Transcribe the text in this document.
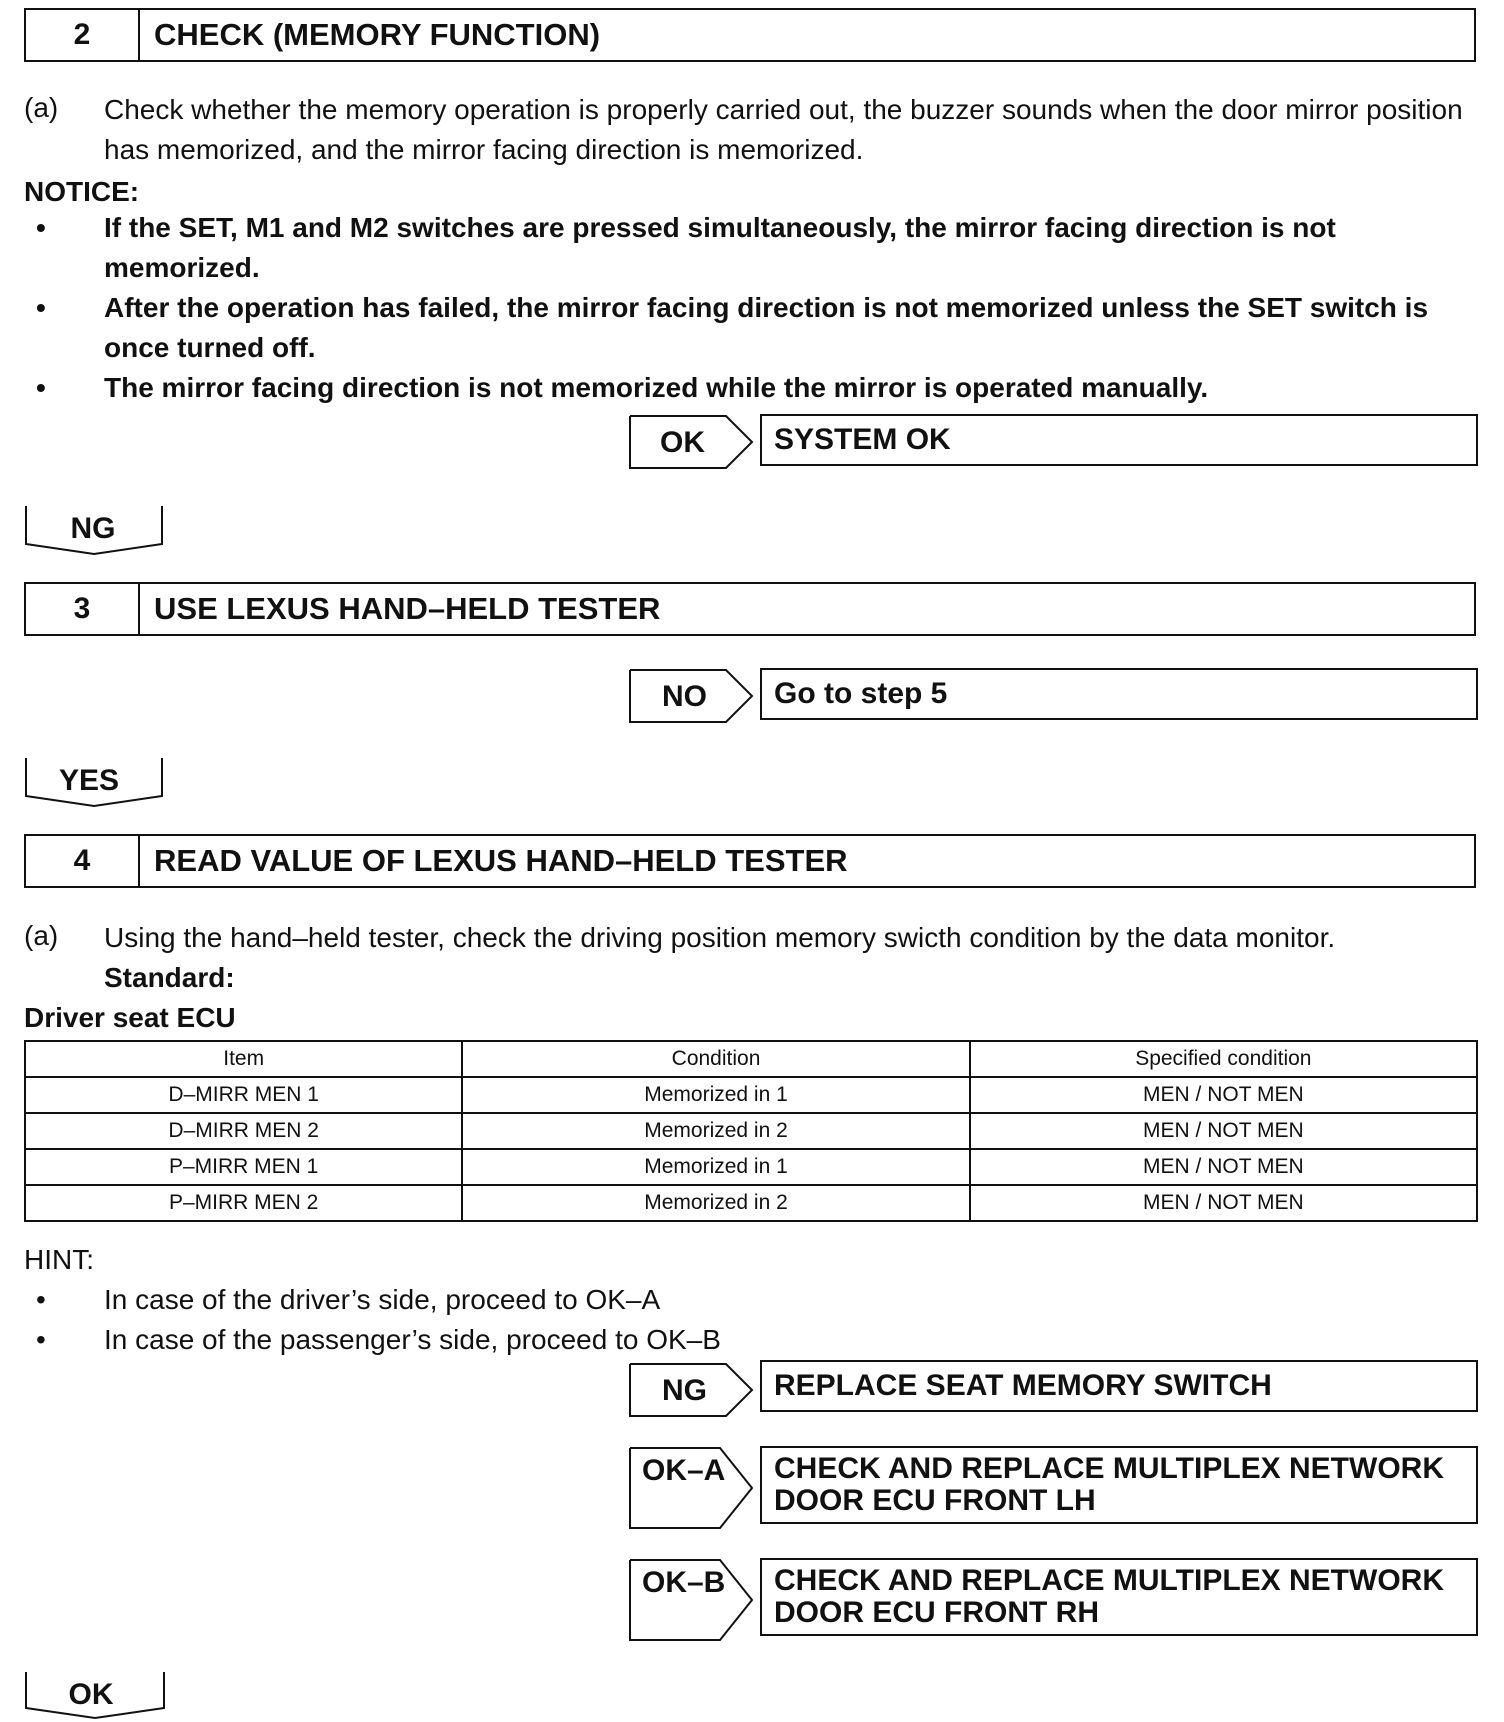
2	CHECK (MEMORY FUNCTION)
(a) Check whether the memory operation is properly carried out, the buzzer sounds when the door mirror position has memorized, and the mirror facing direction is memorized.
NOTICE:
• If the SET, M1 and M2 switches are pressed simultaneously, the mirror facing direction is not memorized.
• After the operation has failed, the mirror facing direction is not memorized unless the SET switch is once turned off.
• The mirror facing direction is not memorized while the mirror is operated manually.
OK	SYSTEM OK
NG
3	USE LEXUS HAND–HELD TESTER
NO	Go to step 5
YES
4	READ VALUE OF LEXUS HAND–HELD TESTER
(a) Using the hand–held tester, check the driving position memory swicth condition by the data monitor.
Standard:
Driver seat ECU
Item	Condition	Specified condition
D–MIRR MEN 1	Memorized in 1	MEN / NOT MEN
D–MIRR MEN 2	Memorized in 2	MEN / NOT MEN
P–MIRR MEN 1	Memorized in 1	MEN / NOT MEN
P–MIRR MEN 2	Memorized in 2	MEN / NOT MEN
HINT:
• In case of the driver’s side, proceed to OK–A
• In case of the passenger’s side, proceed to OK–B
NG	REPLACE SEAT MEMORY SWITCH
OK–A CHECK AND REPLACE MULTIPLEX NETWORK
DOOR ECU FRONT LH
OK–B CHECK AND REPLACE MULTIPLEX NETWORK
DOOR ECU FRONT RH
OK
